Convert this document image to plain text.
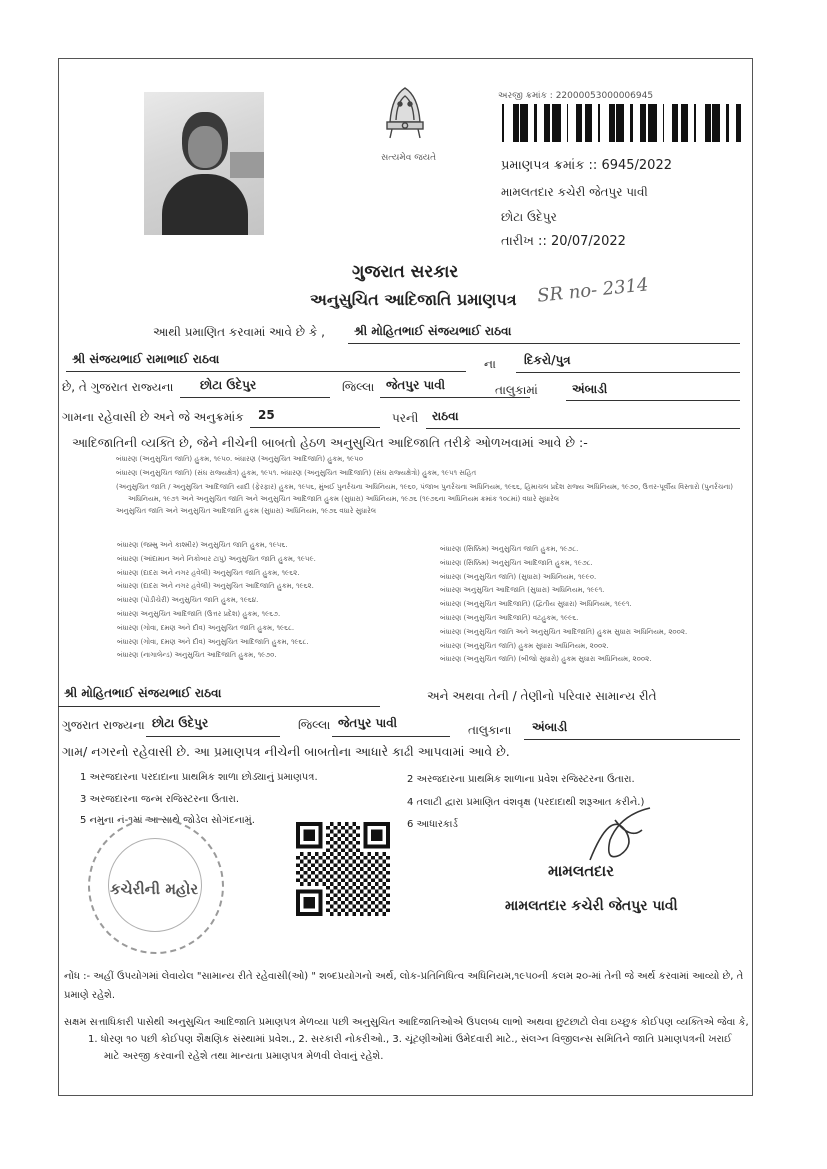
સત્યમેવ જયતે
અરજી ક્રમાંક : 22000053000006945
પ્રમાણપત્ર ક્રમાંક :: 6945/2022
મામલતદાર કચેરી જેતપુર પાવી
છોટા ઉદેપુર
તારીખ :: 20/07/2022
ગુજરાત સરકાર
અનુસુચિત આદિજાતિ પ્રમાણપત્ર SR no- 2314
આથી પ્રમાણિત કરવામાં આવે છે કે , શ્રી મોહિતભાઈ સંજયભાઈ રાઠવા
શ્રી સંજયભાઈ રામાભાઈ રાઠવા	ના દિકરો/પુત્ર
છે, તે ગુજરાત રાજ્યના છોટા ઉદેપુર	જિલ્લા જેતપુર પાવી	તાલુકામાં	અંબાડી
ગામના રહેવાસી છે અને જે અનુક્રમાંક 25	પરની રાઠવા
આદિજાતિની વ્યક્તિ છે, જેને નીચેની બાબતો હેઠળ અનુસુચિત આદિજાતિ તરીકે ઓળખવામાં આવે છે :-
બંધારણ (અનુસુચિત જાતિ) હુકમ, ૧૯૫૦. બંધારણ (અનુસુચિત આદિજાતિ) હુકમ, ૧૯૫૦
બંધારણ (અનુસુચિત જાતિ) (સંઘ રાજ્યક્ષેત્ર) હુકમ, ૧૯૫૧. બંધારણ (અનુસુચિત આદિજાતિ) (સંઘ રાજ્યક્ષેત્રો) હુકમ, ૧૯૫૧ સહિત
(અનુસુચિત જાતિ / અનુસુચિત આદિજાતિ યાદી (ફેરફાર) હુકમ, ૧૯૫૬, મુંબઈ પુનર્રચના અધિનિયમ, ૧૯૬૦, પંજાબ પુનર્રચના અધિનિયમ, ૧૯૬૬, હિમાચલ પ્રદેશ રાજ્ય અધિનિયમ, ૧૯૭૦, ઉત્તર-પૂર્વીય વિસ્તારો (પુનર્રચના)
અધિનિયમ, ૧૯૭૧ અને અનુસુચિત જાતિ અને અનુસુચિત આદિજાતિ હુકમ (સુધારા) અધિનિયમ, ૧૯૭૬ (૧૯૭૬ના અધિનિયમ ક્રમાંક ૧૦૮માં) વધારે સુધારેલ
અનુસુચિત જાતિ અને અનુસુચિત આદિજાતિ હુકમ (સુધારા) અધિનિયમ, ૧૯૭૬ વધારે સુધારેલ
બંધારણ (જમ્મુ અને કાશ્મીર) અનુસુચિત જાતિ હુકમ, ૧૯૫૬.
બંધારણ (આંદામાન અને નિકોબાર ટાપુ) અનુસુચિત જાતિ હુકમ, ૧૯૫૯.
બંધારણ (દાદરા અને નગર હવેલી) અનુસુચિત જાતિ હુકમ, ૧૯૬૨.
બંધારણ (દાદરા અને નગર હવેલી) અનુસુચિત આદિજાતિ હુકમ, ૧૯૬૨.
બંધારણ (પોંડીચેરી) અનુસુચિત જાતિ હુકમ, ૧૯૬૪.
બંધારણ અનુસુચિત આદિજાતિ (ઉત્તર પ્રદેશ) હુકમ, ૧૯૬૭.
બંધારણ (ગોવા, દમણ અને દીવ) અનુસુચિત જાતિ હુકમ, ૧૯૬૮.
બંધારણ (ગોવા, દમણ અને દીવ) અનુસુચિત આદિજાતિ હુકમ, ૧૯૬૮.
બંધારણ (નાગાલેન્ડ) અનુસુચિત આદિજાતિ હુકમ, ૧૯૭૦.
બંધારણ (સિક્કિમ) અનુસુચિત જાતિ હુકમ, ૧૯૭૮.
બંધારણ (સિક્કિમ) અનુસુચિત આદિજાતિ હુકમ, ૧૯૭૮.
બંધારણ (અનુસુચિત જાતિ) (સુધારા) અધિનિયમ, ૧૯૯૦.
બંધારણ અનુસુચિત આદિજાતિ (સુધારા) અધિનિયમ, ૧૯૯૧.
બંધારણ (અનુસુચિત આદિજાતિ) (દ્વિતીય સુધારા) અધિનિયમ, ૧૯૯૧.
બંધારણ (અનુસુચિત આદિજાતિ) વટહુકમ, ૧૯૯૬.
બંધારણ (અનુસુચિત જાતિ અને અનુસુચિત આદિજાતિ) હુકમ સુધારા અધિનિયમ, ૨૦૦૨.
બંધારણ (અનુસુચિત જાતિ) હુકમ સુધારા અધિનિયમ, ૨૦૦૨.
બંધારણ (અનુસુચિત જાતિ) (બીજો સુધારો) હુકમ સુધારા અધિનિયમ, ૨૦૦૨.
શ્રી મોહિતભાઈ સંજયભાઈ રાઠવા	અને અથવા તેની / તેણીનો પરિવાર સામાન્ય રીતે
ગુજરાત રાજ્યના છોટા ઉદેપુર	જિલ્લા જેતપુર પાવી	તાલુકાના અંબાડી
ગામ/ નગરનો રહેવાસી છે. આ પ્રમાણપત્ર નીચેની બાબતોના આધારે કાઢી આપવામાં આવે છે.
1 અરજદારના પરદાદાના પ્રાથમિક શાળા છોડ્યાનું પ્રમાણપત્ર.	2 અરજદારના પ્રાથમિક શાળાના પ્રવેશ રજિસ્ટરના ઉતારા.
3 અરજદારના જન્મ રજિસ્ટરના ઉતારા.	4 તલાટી દ્વારા પ્રમાણિત વંશવૃક્ષ (પરદાદાથી શરૂઆત કરીને.)
5 નમુના નં-૧માં આ સાથે જોડેલ સોગંદનામું.	6 આધારકાર્ડ
કચેરીની મહોર
મામલતદાર
મામલતદાર કચેરી જેતપુર પાવી
નોંધ :- અહીં ઉપયોગમાં લેવાયેલ "સામાન્ય રીતે રહેવાસી(ઓ) " શબ્દપ્રયોગનો અર્થ, લોક-પ્રતિનિધિત્વ અધિનિયમ,૧૯૫૦ની કલમ ૨૦-માં તેની જે અર્થ કરવામાં આવ્યો છે, તે
પ્રમાણે રહેશે.
સક્ષમ સત્તાધિકારી પાસેથી અનુસુચિત આદિજાતિ પ્રમાણપત્ર મેળવ્યા પછી અનુસુચિત આદિજાતિઓએ ઉપલબ્ધ લાભો અથવા છુટછાટો લેવા ઇચ્છુક કોઈપણ વ્યક્તિએ જેવા કે,
1. ધોરણ ૧૦ પછી કોઈપણ શૈક્ષણિક સંસ્થામાં પ્રવેશ., 2. સરકારી નોકરીઓ., 3. ચૂંટણીઓમાં ઉમેદવારી માટે., સંલગ્ન વિજીલન્સ સમિતિને જાતિ પ્રમાણપત્રની ખરાઈ
માટે અરજી કરવાની રહેશે તથા માન્યતા પ્રમાણપત્ર મેળવી લેવાનું રહેશે.
